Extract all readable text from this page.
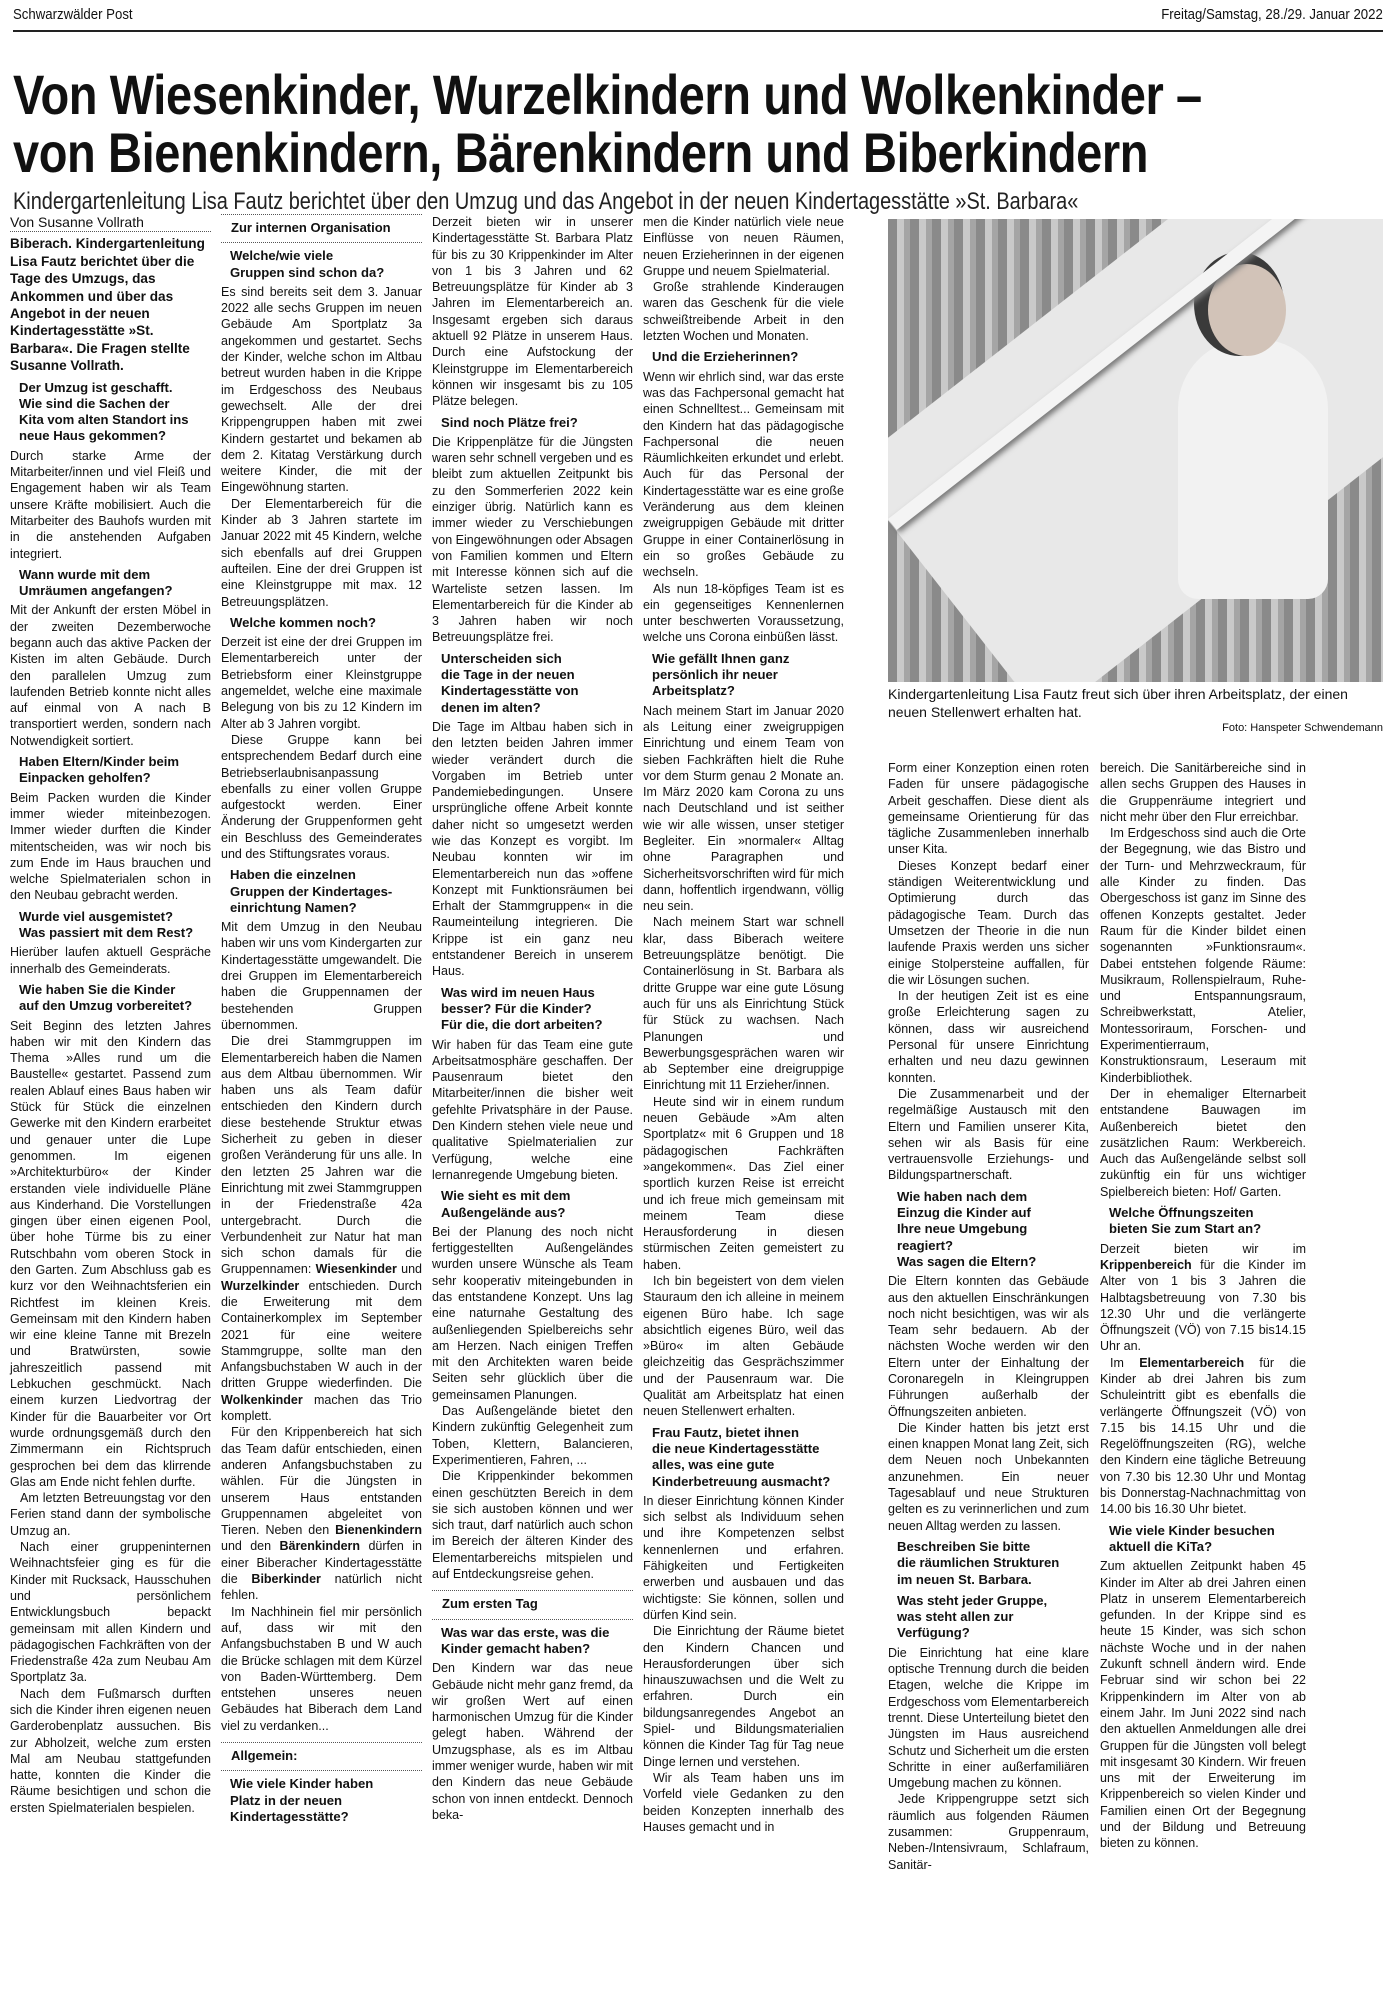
Schwarzwälder Post	Freitag/Samstag, 28./29. Januar 2022
Von Wiesenkinder, Wurzelkindern und Wolkenkinder –
von Bienenkindern, Bärenkindern und Biberkindern
Kindergartenleitung Lisa Fautz berichtet über den Umzug und das Angebot in der neuen Kindertagesstätte »St. Barbara«
Kindergartenleitung Lisa Fautz freut sich über ihren Arbeitsplatz, der einen neuen Stellenwert erhalten hat.
Foto: Hanspeter Schwendemann
Von Susanne Vollrath
Biberach. Kindergartenleitung Lisa Fautz berichtet über die Tage des Umzugs, das Ankommen und über das Angebot in der neuen Kindertagesstätte »St. Barbara«. Die Fragen stellte Susanne Vollrath.
Der Umzug ist geschafft.
Wie sind die Sachen der
Kita vom alten Standort ins
neue Haus gekommen?
Durch starke Arme der Mitarbeiter/innen und viel Fleiß und Engagement haben wir als Team unsere Kräfte mobilisiert. Auch die Mitarbeiter des Bauhofs wurden mit in die anstehenden Aufgaben integriert.
Wann wurde mit dem
Umräumen angefangen?
Mit der Ankunft der ersten Möbel in der zweiten Dezemberwoche begann auch das aktive Packen der Kisten im alten Gebäude. Durch den parallelen Umzug zum laufenden Betrieb konnte nicht alles auf einmal von A nach B transportiert werden, sondern nach Notwendigkeit sortiert.
Haben Eltern/Kinder beim
Einpacken geholfen?
Beim Packen wurden die Kinder immer wieder miteinbezogen. Immer wieder durften die Kinder mitentscheiden, was wir noch bis zum Ende im Haus brauchen und welche Spielmaterialen schon in den Neubau gebracht werden.
Wurde viel ausgemistet?
Was passiert mit dem Rest?
Hierüber laufen aktuell Gespräche innerhalb des Gemeinderats.
Wie haben Sie die Kinder
auf den Umzug vorbereitet?
Seit Beginn des letzten Jahres haben wir mit den Kindern das Thema »Alles rund um die Baustelle« gestartet. Passend zum realen Ablauf eines Baus haben wir Stück für Stück die einzelnen Gewerke mit den Kindern erarbeitet und genauer unter die Lupe genommen. Im eigenen »Architekturbüro« der Kinder erstanden viele individuelle Pläne aus Kinderhand. Die Vorstellungen gingen über einen eigenen Pool, über hohe Türme bis zu einer Rutschbahn vom oberen Stock in den Garten. Zum Abschluss gab es kurz vor den Weihnachtsferien ein Richtfest im kleinen Kreis. Gemeinsam mit den Kindern haben wir eine kleine Tanne mit Brezeln und Bratwürsten, sowie jahreszeitlich passend mit Lebkuchen geschmückt. Nach einem kurzen Liedvortrag der Kinder für die Bauarbeiter vor Ort wurde ordnungsgemäß durch den Zimmermann ein Richtspruch gesprochen bei dem das klirrende Glas am Ende nicht fehlen durfte.
Am letzten Betreuungstag vor den Ferien stand dann der symbolische Umzug an.
Nach einer gruppeninternen Weihnachtsfeier ging es für die Kinder mit Rucksack, Hausschuhen und persönlichem Entwicklungsbuch bepackt gemeinsam mit allen Kindern und pädagogischen Fachkräften von der Friedenstraße 42a zum Neubau Am Sportplatz 3a.
Nach dem Fußmarsch durften sich die Kinder ihren eigenen neuen Garderobenplatz aussuchen. Bis zur Abholzeit, welche zum ersten Mal am Neubau stattgefunden hatte, konnten die Kinder die Räume besichtigen und schon die ersten Spielmaterialen bespielen.
Zur internen Organisation
Welche/wie viele
Gruppen sind schon da?
Es sind bereits seit dem 3. Januar 2022 alle sechs Gruppen im neuen Gebäude Am Sportplatz 3a angekommen und gestartet. Sechs der Kinder, welche schon im Altbau betreut wurden haben in die Krippe im Erdgeschoss des Neubaus gewechselt. Alle der drei Krippengruppen haben mit zwei Kindern gestartet und bekamen ab dem 2. Kitatag Verstärkung durch weitere Kinder, die mit der Eingewöhnung starten.
Der Elementarbereich für die Kinder ab 3 Jahren startete im Januar 2022 mit 45 Kindern, welche sich ebenfalls auf drei Gruppen aufteilen. Eine der drei Gruppen ist eine Kleinstgruppe mit max. 12 Betreuungsplätzen.
Welche kommen noch?
Derzeit ist eine der drei Gruppen im Elementarbereich unter der Betriebsform einer Kleinstgruppe angemeldet, welche eine maximale Belegung von bis zu 12 Kindern im Alter ab 3 Jahren vorgibt.
Diese Gruppe kann bei entsprechendem Bedarf durch eine Betriebserlaubnisanpassung ebenfalls zu einer vollen Gruppe aufgestockt werden. Einer Änderung der Gruppenformen geht ein Beschluss des Gemeinderates und des Stiftungsrates voraus.
Haben die einzelnen
Gruppen der Kindertages-
einrichtung Namen?
Mit dem Umzug in den Neubau haben wir uns vom Kindergarten zur Kindertagesstätte umgewandelt. Die drei Gruppen im Elementarbereich haben die Gruppennamen der bestehenden Gruppen übernommen.
Die drei Stammgruppen im Elementarbereich haben die Namen aus dem Altbau übernommen. Wir haben uns als Team dafür entschieden den Kindern durch diese bestehende Struktur etwas Sicherheit zu geben in dieser großen Veränderung für uns alle. In den letzten 25 Jahren war die Einrichtung mit zwei Stammgruppen in der Friedenstraße 42a untergebracht. Durch die Verbundenheit zur Natur hat man sich schon damals für die Gruppennamen: Wiesenkinder und Wurzelkinder entschieden. Durch die Erweiterung mit dem Containerkomplex im September 2021 für eine weitere Stammgruppe, sollte man den Anfangsbuchstaben W auch in der dritten Gruppe wiederfinden. Die Wolkenkinder machen das Trio komplett.
Für den Krippenbereich hat sich das Team dafür entschieden, einen anderen Anfangsbuchstaben zu wählen. Für die Jüngsten in unserem Haus entstanden Gruppennamen abgeleitet von Tieren. Neben den Bienenkindern und den Bärenkindern dürfen in einer Biberacher Kindertagesstätte die Biberkinder natürlich nicht fehlen.
Im Nachhinein fiel mir persönlich auf, dass wir mit den Anfangsbuchstaben B und W auch die Brücke schlagen mit dem Kürzel von Baden-Württemberg. Dem entstehen unseres neuen Gebäudes hat Biberach dem Land viel zu verdanken...
Allgemein:
Wie viele Kinder haben
Platz in der neuen
Kindertagesstätte?
Derzeit bieten wir in unserer Kindertagesstätte St. Barbara Platz für bis zu 30 Krippenkinder im Alter von 1 bis 3 Jahren und 62 Betreuungsplätze für Kinder ab 3 Jahren im Elementarbereich an. Insgesamt ergeben sich daraus aktuell 92 Plätze in unserem Haus. Durch eine Aufstockung der Kleinstgruppe im Elementarbereich können wir insgesamt bis zu 105 Plätze belegen.
Sind noch Plätze frei?
Die Krippenplätze für die Jüngsten waren sehr schnell vergeben und es bleibt zum aktuellen Zeitpunkt bis zu den Sommerferien 2022 kein einziger übrig. Natürlich kann es immer wieder zu Verschiebungen von Eingewöhnungen oder Absagen von Familien kommen und Eltern mit Interesse können sich auf die Warteliste setzen lassen. Im Elementarbereich für die Kinder ab 3 Jahren haben wir noch Betreuungsplätze frei.
Unterscheiden sich
die Tage in der neuen
Kindertagesstätte von
denen im alten?
Die Tage im Altbau haben sich in den letzten beiden Jahren immer wieder verändert durch die Vorgaben im Betrieb unter Pandemiebedingungen. Unsere ursprüngliche offene Arbeit konnte daher nicht so umgesetzt werden wie das Konzept es vorgibt. Im Neubau konnten wir im Elementarbereich nun das »offene Konzept mit Funktionsräumen bei Erhalt der Stammgruppen« in die Raumeinteilung integrieren. Die Krippe ist ein ganz neu entstandener Bereich in unserem Haus.
Was wird im neuen Haus
besser? Für die Kinder?
Für die, die dort arbeiten?
Wir haben für das Team eine gute Arbeitsatmosphäre geschaffen. Der Pausenraum bietet den Mitarbeiter/innen die bisher weit gefehlte Privatsphäre in der Pause. Den Kindern stehen viele neue und qualitative Spielmaterialien zur Verfügung, welche eine lernanregende Umgebung bieten.
Wie sieht es mit dem
Außengelände aus?
Bei der Planung des noch nicht fertiggestellten Außengeländes wurden unsere Wünsche als Team sehr kooperativ miteingebunden in das entstandene Konzept. Uns lag eine naturnahe Gestaltung des außenliegenden Spielbereichs sehr am Herzen. Nach einigen Treffen mit den Architekten waren beide Seiten sehr glücklich über die gemeinsamen Planungen.
Das Außengelände bietet den Kindern zukünftig Gelegenheit zum Toben, Klettern, Balancieren, Experimentieren, Fahren, ...
Die Krippenkinder bekommen einen geschützten Bereich in dem sie sich austoben können und wer sich traut, darf natürlich auch schon im Bereich der älteren Kinder des Elementarbereichs mitspielen und auf Entdeckungsreise gehen.
Zum ersten Tag
Was war das erste, was die
Kinder gemacht haben?
Den Kindern war das neue Gebäude nicht mehr ganz fremd, da wir großen Wert auf einen harmonischen Umzug für die Kinder gelegt haben. Während der Umzugsphase, als es im Altbau immer weniger wurde, haben wir mit den Kindern das neue Gebäude schon von innen entdeckt. Dennoch beka-
men die Kinder natürlich viele neue Einflüsse von neuen Räumen, neuen Erzieherinnen in der eigenen Gruppe und neuem Spielmaterial.
Große strahlende Kinderaugen waren das Geschenk für die viele schweißtreibende Arbeit in den letzten Wochen und Monaten.
Und die Erzieherinnen?
Wenn wir ehrlich sind, war das erste was das Fachpersonal gemacht hat einen Schnelltest... Gemeinsam mit den Kindern hat das pädagogische Fachpersonal die neuen Räumlichkeiten erkundet und erlebt. Auch für das Personal der Kindertagesstätte war es eine große Veränderung aus dem kleinen zweigruppigen Gebäude mit dritter Gruppe in einer Containerlösung in ein so großes Gebäude zu wechseln.
Als nun 18-köpfiges Team ist es ein gegenseitiges Kennenlernen unter beschwerten Voraussetzung, welche uns Corona einbüßen lässt.
Wie gefällt Ihnen ganz
persönlich ihr neuer
Arbeitsplatz?
Nach meinem Start im Januar 2020 als Leitung einer zweigruppigen Einrichtung und einem Team von sieben Fachkräften hielt die Ruhe vor dem Sturm genau 2 Monate an. Im März 2020 kam Corona zu uns nach Deutschland und ist seither wie wir alle wissen, unser stetiger Begleiter. Ein »normaler« Alltag ohne Paragraphen und Sicherheitsvorschriften wird für mich dann, hoffentlich irgendwann, völlig neu sein.
Nach meinem Start war schnell klar, dass Biberach weitere Betreuungsplätze benötigt. Die Containerlösung in St. Barbara als dritte Gruppe war eine gute Lösung auch für uns als Einrichtung Stück für Stück zu wachsen. Nach Planungen und Bewerbungsgesprächen waren wir ab September eine dreigruppige Einrichtung mit 11 Erzieher/innen.
Heute sind wir in einem rundum neuen Gebäude »Am alten Sportplatz« mit 6 Gruppen und 18 pädagogischen Fachkräften »angekommen«. Das Ziel einer sportlich kurzen Reise ist erreicht und ich freue mich gemeinsam mit meinem Team diese Herausforderung in diesen stürmischen Zeiten gemeistert zu haben.
Ich bin begeistert von dem vielen Stauraum den ich alleine in meinem eigenen Büro habe. Ich sage absichtlich eigenes Büro, weil das »Büro« im alten Gebäude gleichzeitig das Gesprächszimmer und der Pausenraum war. Die Qualität am Arbeitsplatz hat einen neuen Stellenwert erhalten.
Frau Fautz, bietet ihnen
die neue Kindertagesstätte alles, was eine gute Kinderbetreuung ausmacht?
In dieser Einrichtung können Kinder sich selbst als Individuum sehen und ihre Kompetenzen selbst kennenlernen und erfahren. Fähigkeiten und Fertigkeiten erwerben und ausbauen und das wichtigste: Sie können, sollen und dürfen Kind sein.
Die Einrichtung der Räume bietet den Kindern Chancen und Herausforderungen über sich hinauszuwachsen und die Welt zu erfahren. Durch ein bildungsanregendes Angebot an Spiel- und Bildungsmaterialien können die Kinder Tag für Tag neue Dinge lernen und verstehen.
Wir als Team haben uns im Vorfeld viele Gedanken zu den beiden Konzepten innerhalb des Hauses gemacht und in
Form einer Konzeption einen roten Faden für unsere pädagogische Arbeit geschaffen. Diese dient als gemeinsame Orientierung für das tägliche Zusammenleben innerhalb unser Kita.
Dieses Konzept bedarf einer ständigen Weiterentwicklung und Optimierung durch das pädagogische Team. Durch das Umsetzen der Theorie in die nun laufende Praxis werden uns sicher einige Stolpersteine auffallen, für die wir Lösungen suchen.
In der heutigen Zeit ist es eine große Erleichterung sagen zu können, dass wir ausreichend Personal für unsere Einrichtung erhalten und neu dazu gewinnen konnten.
Die Zusammenarbeit und der regelmäßige Austausch mit den Eltern und Familien unserer Kita, sehen wir als Basis für eine vertrauensvolle Erziehungs- und Bildungspartnerschaft.
Wie haben nach dem
Einzug die Kinder auf
Ihre neue Umgebung
reagiert?
Was sagen die Eltern?
Die Eltern konnten das Gebäude aus den aktuellen Einschränkungen noch nicht besichtigen, was wir als Team sehr bedauern. Ab der nächsten Woche werden wir den Eltern unter der Einhaltung der Coronaregeln in Kleingruppen Führungen außerhalb der Öffnungszeiten anbieten.
Die Kinder hatten bis jetzt erst einen knappen Monat lang Zeit, sich dem Neuen noch Unbekannten anzunehmen. Ein neuer Tagesablauf und neue Strukturen gelten es zu verinnerlichen und zum neuen Alltag werden zu lassen.
Beschreiben Sie bitte
die räumlichen Strukturen
im neuen St. Barbara.
Was steht jeder Gruppe,
was steht allen zur
Verfügung?
Die Einrichtung hat eine klare optische Trennung durch die beiden Etagen, welche die Krippe im Erdgeschoss vom Elementarbereich trennt. Diese Unterteilung bietet den Jüngsten im Haus ausreichend Schutz und Sicherheit um die ersten Schritte in einer außerfamiliären Umgebung machen zu können.
Jede Krippengruppe setzt sich räumlich aus folgenden Räumen zusammen: Gruppenraum, Neben-/Intensivraum, Schlafraum, Sanitär-
bereich. Die Sanitärbereiche sind in allen sechs Gruppen des Hauses in die Gruppenräume integriert und nicht mehr über den Flur erreichbar.
Im Erdgeschoss sind auch die Orte der Begegnung, wie das Bistro und der Turn- und Mehrzweckraum, für alle Kinder zu finden. Das Obergeschoss ist ganz im Sinne des offenen Konzepts gestaltet. Jeder Raum für die Kinder bildet einen sogenannten »Funktionsraum«. Dabei entstehen folgende Räume: Musikraum, Rollenspielraum, Ruhe- und Entspannungsraum, Schreibwerkstatt, Atelier, Montessoriraum, Forschen- und Experimentierraum, Konstruktionsraum, Leseraum mit Kinderbibliothek.
Der in ehemaliger Elternarbeit entstandene Bauwagen im Außenbereich bietet den zusätzlichen Raum: Werkbereich. Auch das Außengelände selbst soll zukünftig ein für uns wichtiger Spielbereich bieten: Hof/ Garten.
Welche Öffnungszeiten
bieten Sie zum Start an?
Derzeit bieten wir im Krippenbereich für die Kinder im Alter von 1 bis 3 Jahren die Halbtagsbetreuung von 7.30 bis 12.30 Uhr und die verlängerte Öffnungszeit (VÖ) von 7.15 bis14.15 Uhr an.
Im Elementarbereich für die Kinder ab drei Jahren bis zum Schuleintritt gibt es ebenfalls die verlängerte Öffnungszeit (VÖ) von 7.15 bis 14.15 Uhr und die Regelöffnungszeiten (RG), welche den Kindern eine tägliche Betreuung von 7.30 bis 12.30 Uhr und Montag bis Donnerstag-Nachnachmittag von 14.00 bis 16.30 Uhr bietet.
Wie viele Kinder besuchen
aktuell die KiTa?
Zum aktuellen Zeitpunkt haben 45 Kinder im Alter ab drei Jahren einen Platz in unserem Elementarbereich gefunden. In der Krippe sind es heute 15 Kinder, was sich schon nächste Woche und in der nahen Zukunft schnell ändern wird. Ende Februar sind wir schon bei 22 Krippenkindern im Alter von ab einem Jahr. Im Juni 2022 sind nach den aktuellen Anmeldungen alle drei Gruppen für die Jüngsten voll belegt mit insgesamt 30 Kindern. Wir freuen uns mit der Erweiterung im Krippenbereich so vielen Kinder und Familien einen Ort der Begegnung und der Bildung und Betreuung bieten zu können.
